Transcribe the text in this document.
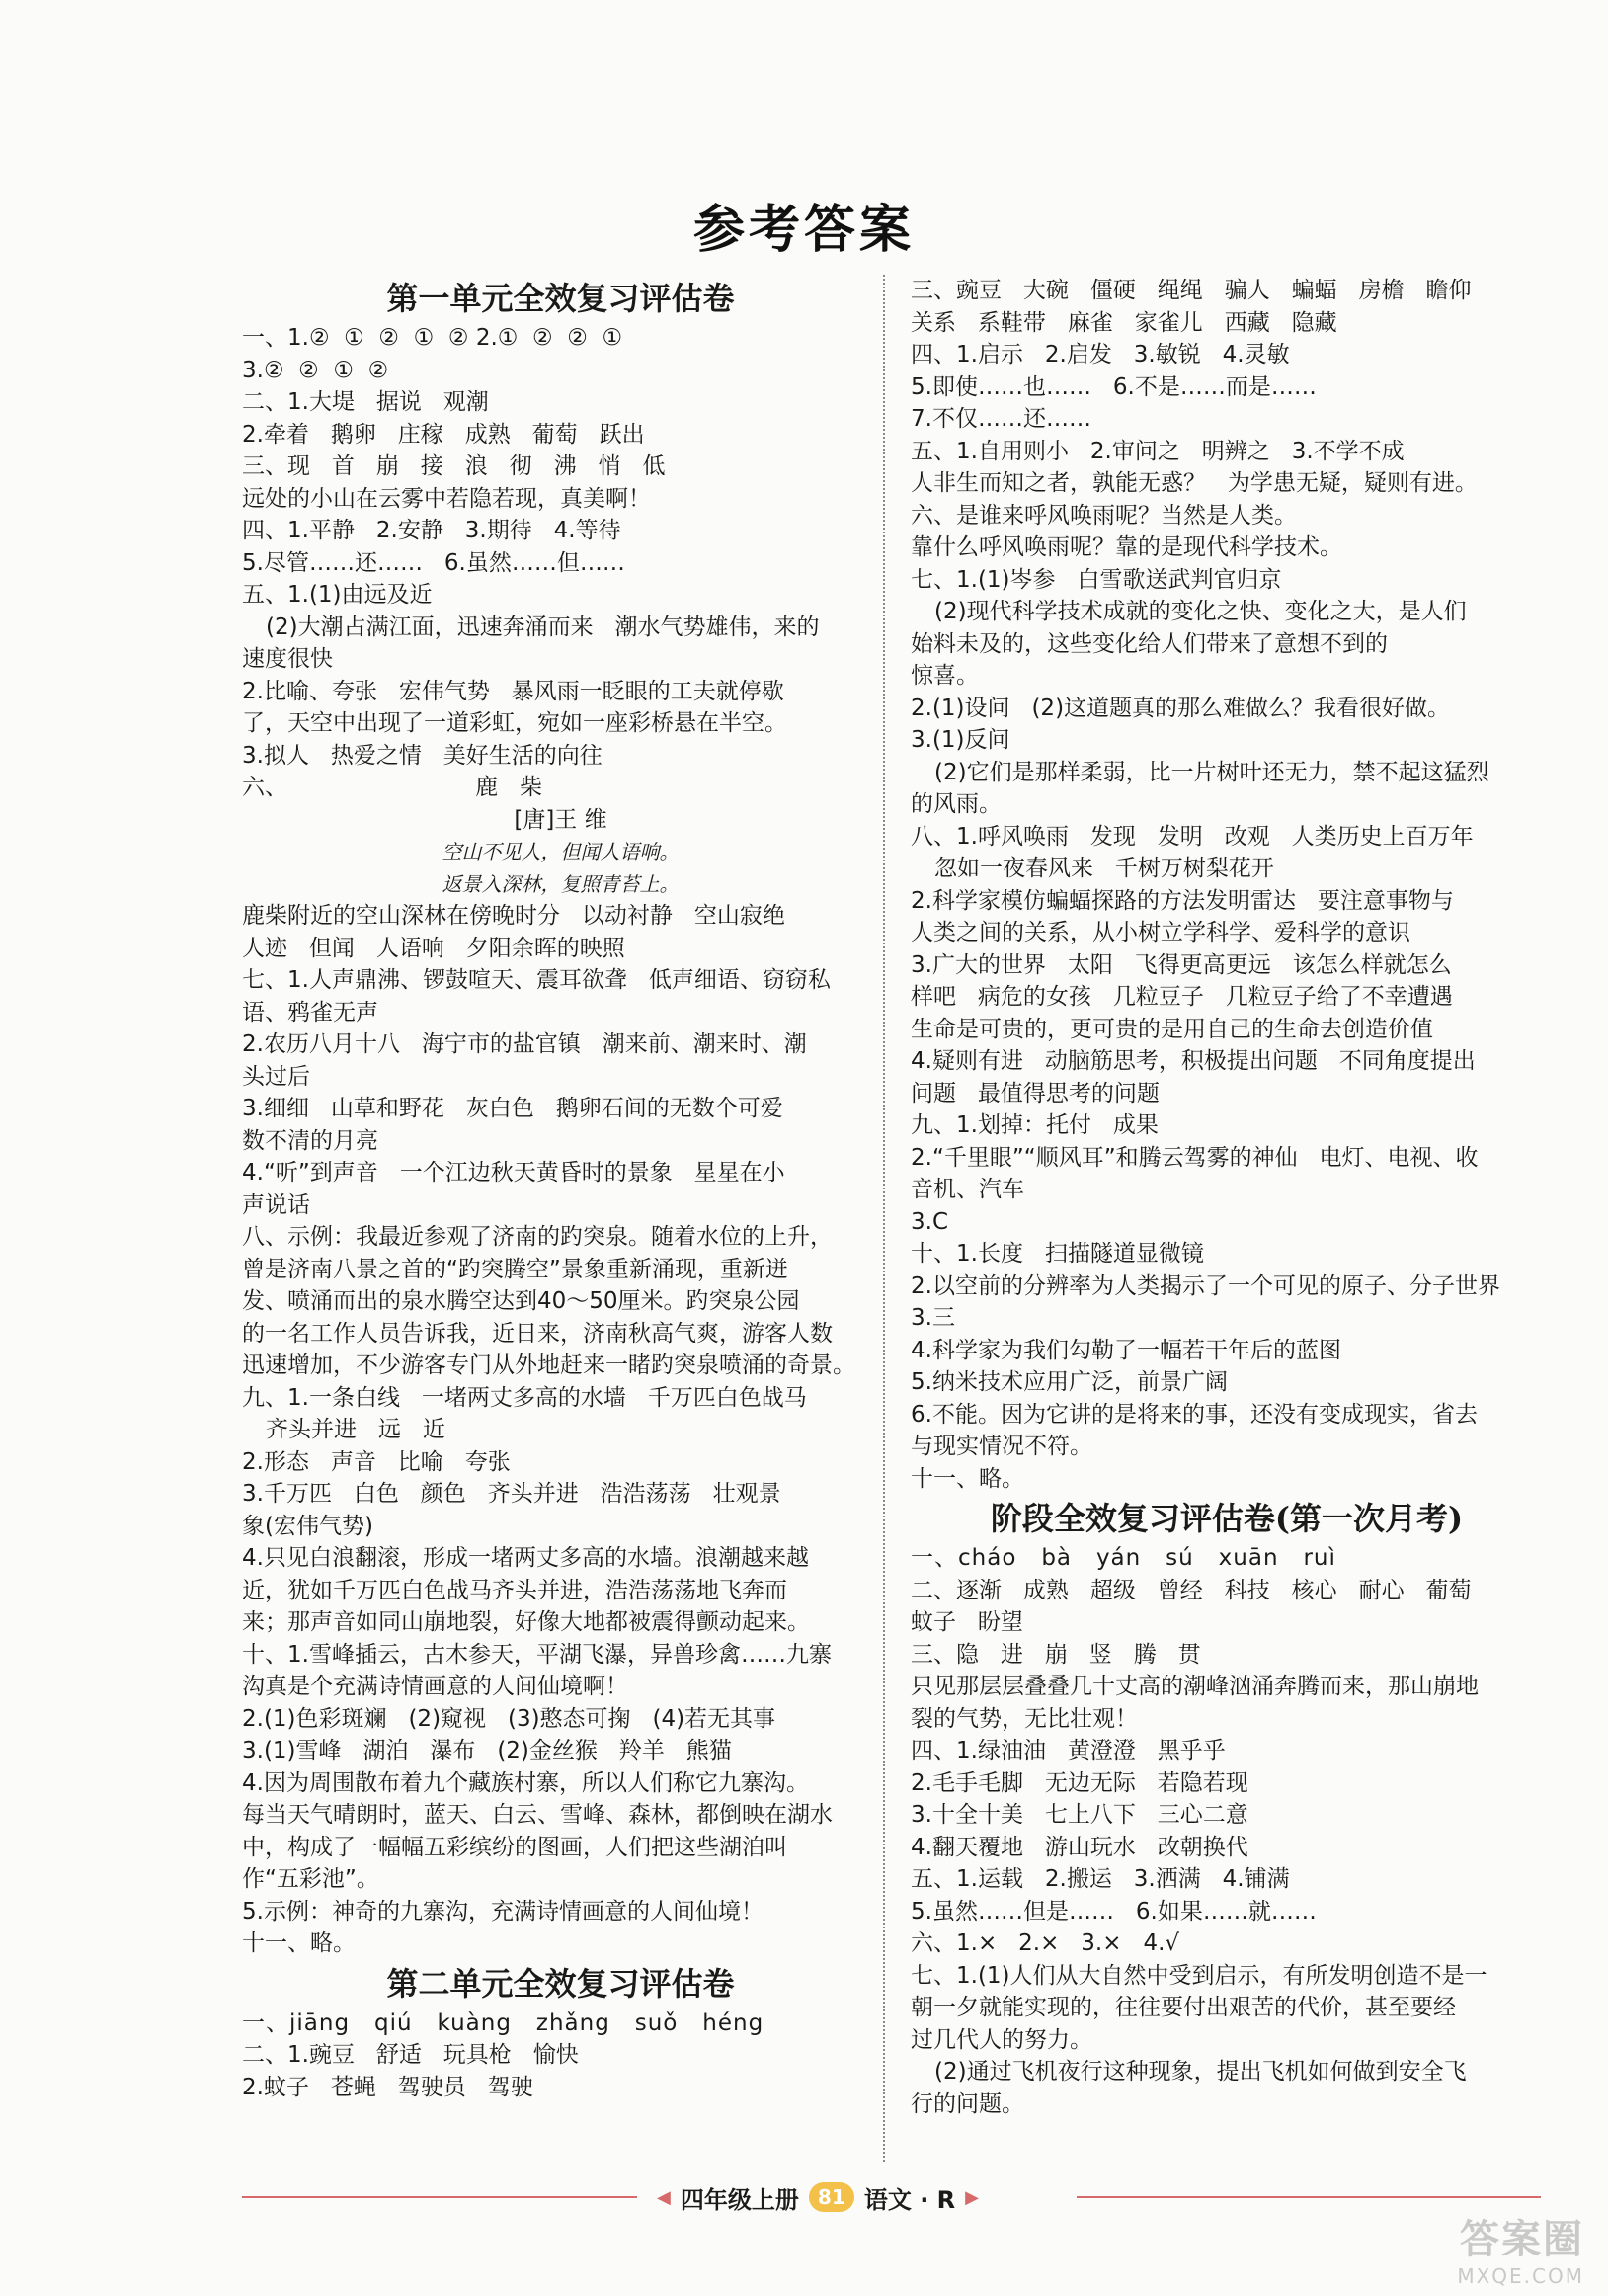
参考答案
第一单元全效复习评估卷
一、1.②  ①  ②  ①  ② 2.①  ②  ②  ①
3.②  ②  ①  ②
二、1.大堤   据说   观潮
2.牵着   鹅卵   庄稼   成熟   葡萄   跃出
三、现   首   崩   接   浪   彻   沸   悄   低
远处的小山在云雾中若隐若现，真美啊！
四、1.平静   2.安静   3.期待   4.等待
5.尽管……还……   6.虽然……但……
五、1.(1)由远及近
(2)大潮占满江面，迅速奔涌而来   潮水气势雄伟，来的
速度很快
2.比喻、夸张   宏伟气势   暴风雨一眨眼的工夫就停歇
了，天空中出现了一道彩虹，宛如一座彩桥悬在半空。
3.拟人   热爱之情   美好生活的向往
六、                          鹿   柴
[唐]王 维
空山不见人，但闻人语响。
返景入深林，复照青苔上。
鹿柴附近的空山深林在傍晚时分   以动衬静   空山寂绝
人迹   但闻   人语响   夕阳余晖的映照
七、1.人声鼎沸、锣鼓喧天、震耳欲聋   低声细语、窃窃私
语、鸦雀无声
2.农历八月十八   海宁市的盐官镇   潮来前、潮来时、潮
头过后
3.细细   山草和野花   灰白色   鹅卵石间的无数个可爱
数不清的月亮
4.“听”到声音   一个江边秋天黄昏时的景象   星星在小
声说话
八、示例：我最近参观了济南的趵突泉。随着水位的上升，
曾是济南八景之首的“趵突腾空”景象重新涌现，重新迸
发、喷涌而出的泉水腾空达到40～50厘米。趵突泉公园
的一名工作人员告诉我，近日来，济南秋高气爽，游客人数
迅速增加，不少游客专门从外地赶来一睹趵突泉喷涌的奇景。
九、1.一条白线   一堵两丈多高的水墙   千万匹白色战马
齐头并进   远   近
2.形态   声音   比喻   夸张
3.千万匹   白色   颜色   齐头并进   浩浩荡荡   壮观景
象(宏伟气势)
4.只见白浪翻滚，形成一堵两丈多高的水墙。浪潮越来越
近，犹如千万匹白色战马齐头并进，浩浩荡荡地飞奔而
来；那声音如同山崩地裂，好像大地都被震得颤动起来。
十、1.雪峰插云，古木参天，平湖飞瀑，异兽珍禽……九寨
沟真是个充满诗情画意的人间仙境啊！
2.(1)色彩斑斓   (2)窥视   (3)憨态可掬   (4)若无其事
3.(1)雪峰   湖泊   瀑布   (2)金丝猴   羚羊   熊猫
4.因为周围散布着九个藏族村寨，所以人们称它九寨沟。
每当天气晴朗时，蓝天、白云、雪峰、森林，都倒映在湖水
中，构成了一幅幅五彩缤纷的图画，人们把这些湖泊叫
作“五彩池”。
5.示例：神奇的九寨沟，充满诗情画意的人间仙境！
十一、略。
第二单元全效复习评估卷
一、jiāng   qiú   kuàng   zhǎng   suǒ   héng
二、1.豌豆   舒适   玩具枪   愉快
2.蚊子   苍蝇   驾驶员   驾驶
三、豌豆   大碗   僵硬   绳绳   骗人   蝙蝠   房檐   瞻仰
关系   系鞋带   麻雀   家雀儿   西藏   隐藏
四、1.启示   2.启发   3.敏锐   4.灵敏
5.即使……也……   6.不是……而是……
7.不仅……还……
五、1.自用则小   2.审问之   明辨之   3.不学不成
人非生而知之者，孰能无惑？   为学患无疑，疑则有进。
六、是谁来呼风唤雨呢？当然是人类。
靠什么呼风唤雨呢？靠的是现代科学技术。
七、1.(1)岑参   白雪歌送武判官归京
(2)现代科学技术成就的变化之快、变化之大，是人们
始料未及的，这些变化给人们带来了意想不到的
惊喜。
2.(1)设问   (2)这道题真的那么难做么？我看很好做。
3.(1)反问
(2)它们是那样柔弱，比一片树叶还无力，禁不起这猛烈
的风雨。
八、1.呼风唤雨   发现   发明   改观   人类历史上百万年
忽如一夜春风来   千树万树梨花开
2.科学家模仿蝙蝠探路的方法发明雷达   要注意事物与
人类之间的关系，从小树立学科学、爱科学的意识
3.广大的世界   太阳   飞得更高更远   该怎么样就怎么
样吧   病危的女孩   几粒豆子   几粒豆子给了不幸遭遇
生命是可贵的，更可贵的是用自己的生命去创造价值
4.疑则有进   动脑筋思考，积极提出问题   不同角度提出
问题   最值得思考的问题
九、1.划掉：托付   成果
2.“千里眼”“顺风耳”和腾云驾雾的神仙   电灯、电视、收
音机、汽车
3.C
十、1.长度   扫描隧道显微镜
2.以空前的分辨率为人类揭示了一个可见的原子、分子世界
3.三
4.科学家为我们勾勒了一幅若干年后的蓝图
5.纳米技术应用广泛，前景广阔
6.不能。因为它讲的是将来的事，还没有变成现实，省去
与现实情况不符。
十一、略。
阶段全效复习评估卷(第一次月考)
一、cháo   bà   yán   sú   xuān   ruì
二、逐渐   成熟   超级   曾经   科技   核心   耐心   葡萄
蚊子   盼望
三、隐   进   崩   竖   腾   贯
只见那层层叠叠几十丈高的潮峰汹涌奔腾而来，那山崩地
裂的气势，无比壮观！
四、1.绿油油   黄澄澄   黑乎乎
2.毛手毛脚   无边无际   若隐若现
3.十全十美   七上八下   三心二意
4.翻天覆地   游山玩水   改朝换代
五、1.运载   2.搬运   3.洒满   4.铺满
5.虽然……但是……   6.如果……就……
六、1.×   2.×   3.×   4.√
七、1.(1)人们从大自然中受到启示，有所发明创造不是一
朝一夕就能实现的，往往要付出艰苦的代价，甚至要经
过几代人的努力。
(2)通过飞机夜行这种现象，提出飞机如何做到安全飞
行的问题。
◀ 四年级上册 81 语文 · R ▶
答案圈
MXQE.COM
